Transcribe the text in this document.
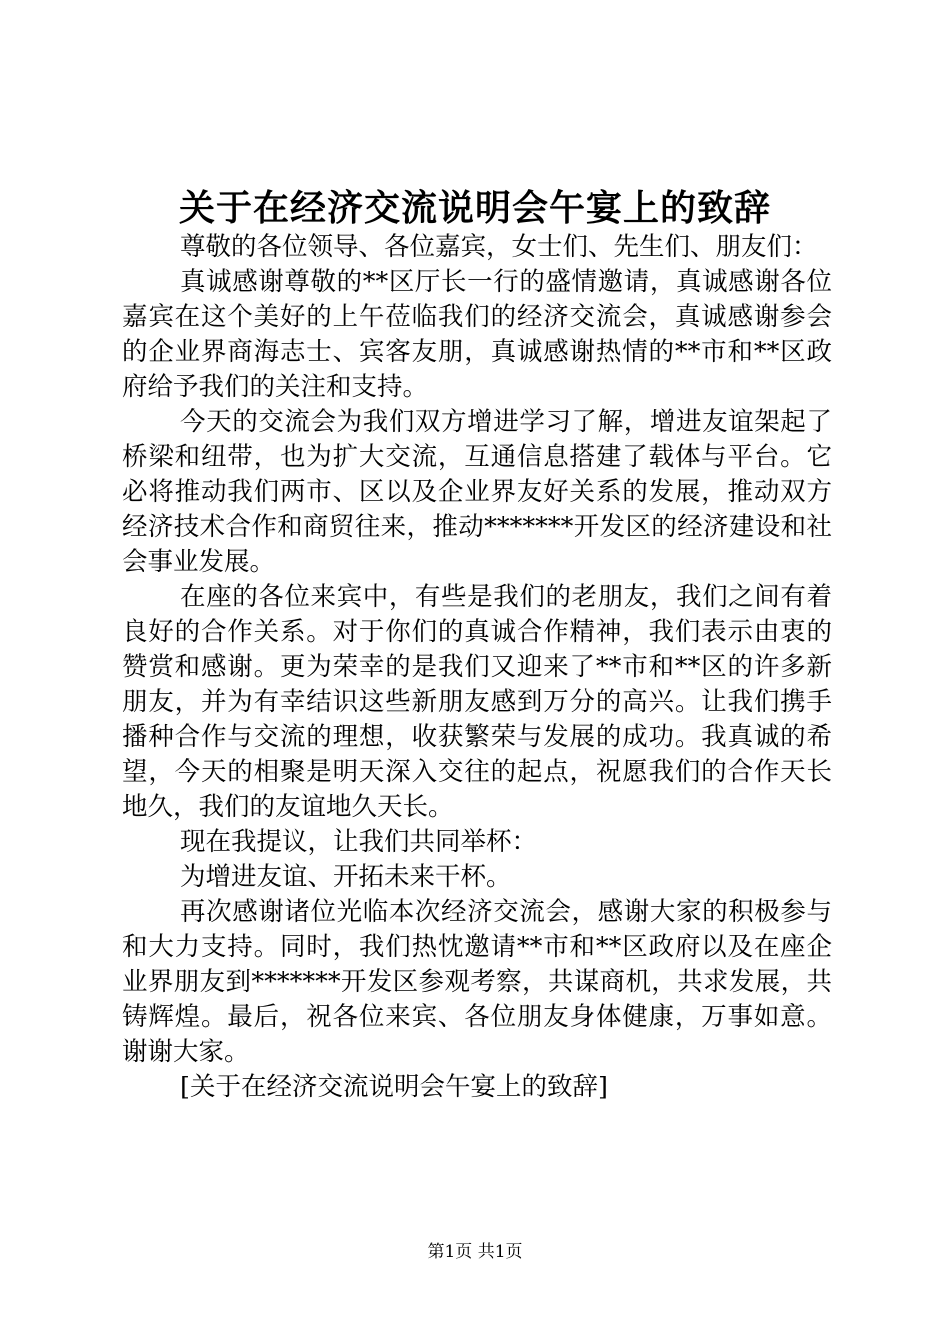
关于在经济交流说明会午宴上的致辞

尊敬的各位领导、各位嘉宾，女士们、先生们、朋友们：

真诚感谢尊敬的**区厅长一行的盛情邀请，真诚感谢各位嘉宾在这个美好的上午莅临我们的经济交流会，真诚感谢参会的企业界商海志士、宾客友朋，真诚感谢热情的**市和**区政府给予我们的关注和支持。

今天的交流会为我们双方增进学习了解，增进友谊架起了桥梁和纽带，也为扩大交流，互通信息搭建了载体与平台。它必将推动我们两市、区以及企业界友好关系的发展，推动双方经济技术合作和商贸往来，推动*******开发区的经济建设和社会事业发展。

在座的各位来宾中，有些是我们的老朋友，我们之间有着良好的合作关系。对于你们的真诚合作精神，我们表示由衷的赞赏和感谢。更为荣幸的是我们又迎来了**市和**区的许多新朋友，并为有幸结识这些新朋友感到万分的高兴。让我们携手播种合作与交流的理想，收获繁荣与发展的成功。我真诚的希望，今天的相聚是明天深入交往的起点，祝愿我们的合作天长地久，我们的友谊地久天长。

现在我提议，让我们共同举杯：

为增进友谊、开拓未来干杯。

再次感谢诸位光临本次经济交流会，感谢大家的积极参与和大力支持。同时，我们热忱邀请**市和**区政府以及在座企业界朋友到*******开发区参观考察，共谋商机，共求发展，共铸辉煌。最后，祝各位来宾、各位朋友身体健康，万事如意。谢谢大家。

[关于在经济交流说明会午宴上的致辞]

第1页 共1页
